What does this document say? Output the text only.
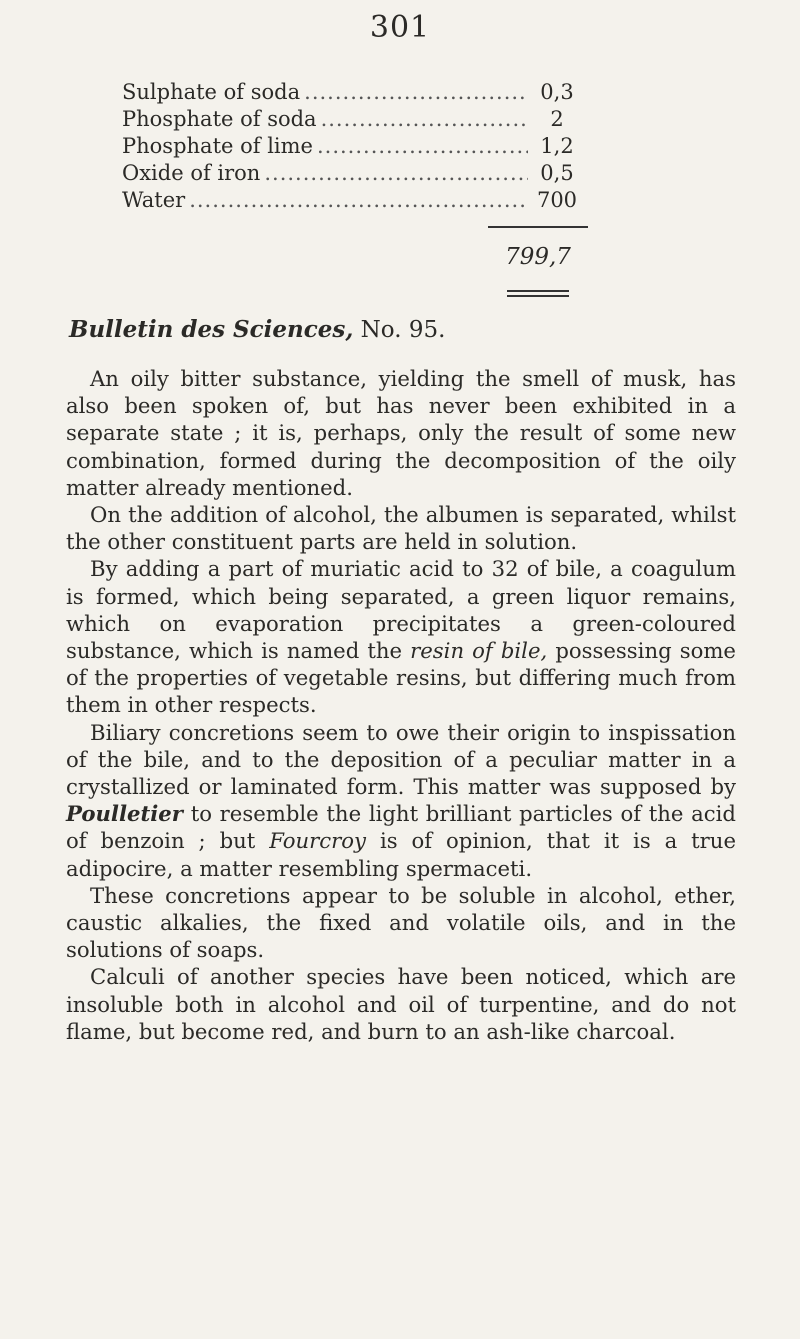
301
Sulphate of soda .....	0,3
Phosphate of soda .....	2
Phosphate of lime .....	1,2
Oxide of iron .....	0,5
Water .....	700
799,7
Bulletin des Sciences, No. 95.

An oily bitter substance, yielding the smell of musk, has also been spoken of, but has never been exhibited in a separate state ; it is, perhaps, only the result of some new combination, formed during the decomposition of the oily matter already mentioned.

On the addition of alcohol, the albumen is separated, whilst the other constituent parts are held in solution.

By adding a part of muriatic acid to 32 of bile, a coagulum is formed, which being separated, a green liquor remains, which on evaporation precipitates a green-coloured substance, which is named the resin of bile, possessing some of the properties of vegetable resins, but differing much from them in other respects.

Biliary concretions seem to owe their origin to inspissation of the bile, and to the deposition of a peculiar matter in a crystallized or laminated form. This matter was supposed by Poulletier to resemble the light brilliant particles of the acid of benzoin ; but Fourcroy is of opinion, that it is a true adipocire, a matter resembling spermaceti.

These concretions appear to be soluble in alcohol, ether, caustic alkalies, the fixed and volatile oils, and in the solutions of soaps.

Calculi of another species have been noticed, which are insoluble both in alcohol and oil of turpentine, and do not flame, but become red, and burn to an ash-like charcoal.
